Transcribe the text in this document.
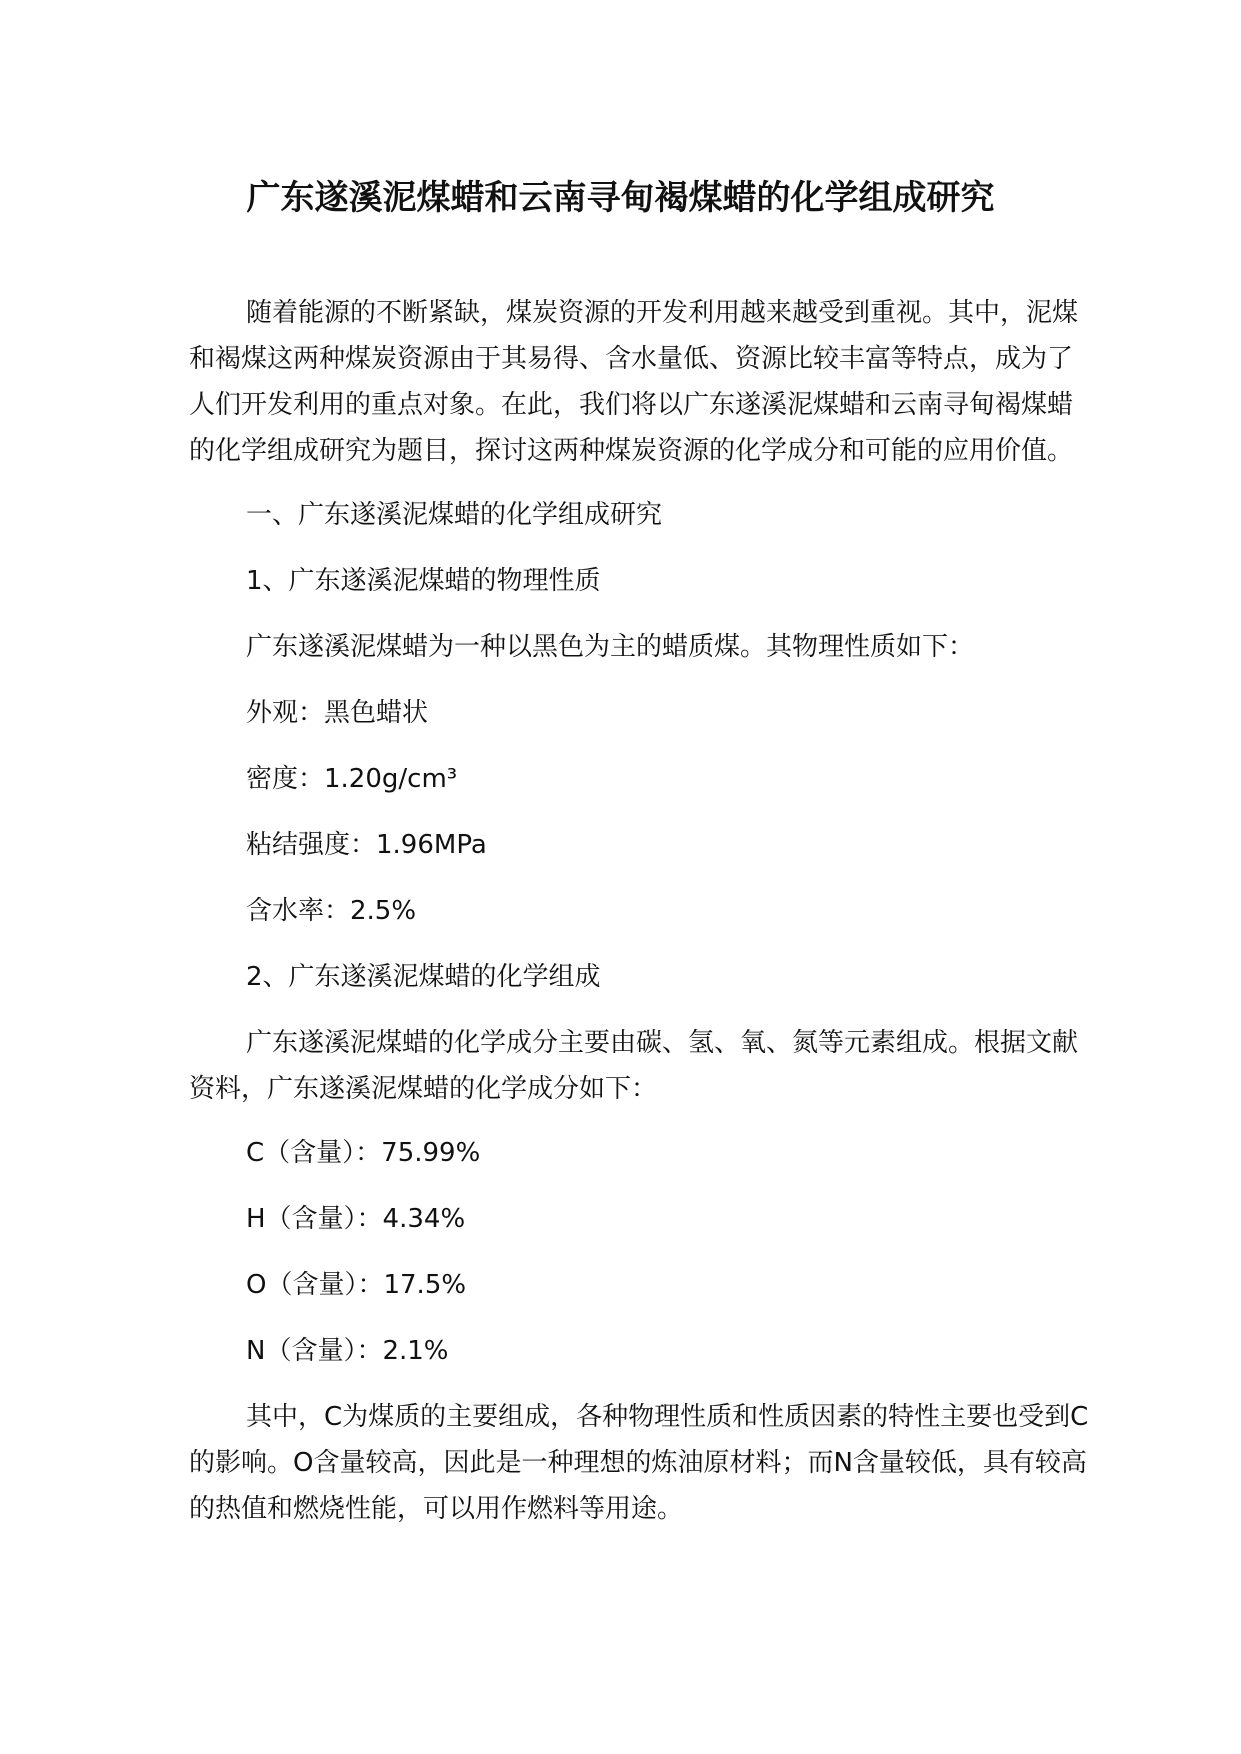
广东遂溪泥煤蜡和云南寻甸褐煤蜡的化学组成研究

随着能源的不断紧缺，煤炭资源的开发利用越来越受到重视。其中，泥煤和褐煤这两种煤炭资源由于其易得、含水量低、资源比较丰富等特点，成为了人们开发利用的重点对象。在此，我们将以广东遂溪泥煤蜡和云南寻甸褐煤蜡的化学组成研究为题目，探讨这两种煤炭资源的化学成分和可能的应用价值。

一、广东遂溪泥煤蜡的化学组成研究
1、广东遂溪泥煤蜡的物理性质
广东遂溪泥煤蜡为一种以黑色为主的蜡质煤。其物理性质如下：
外观：黑色蜡状
密度：1.20g/cm³
粘结强度：1.96MPa
含水率：2.5%
2、广东遂溪泥煤蜡的化学组成

广东遂溪泥煤蜡的化学成分主要由碳、氢、氧、氮等元素组成。根据文献资料，广东遂溪泥煤蜡的化学成分如下：

C（含量）：75.99%
H（含量）：4.34%
O（含量）：17.5%
N（含量）：2.1%

其中，C为煤质的主要组成，各种物理性质和性质因素的特性主要也受到C的影响。O含量较高，因此是一种理想的炼油原材料；而N含量较低，具有较高的热值和燃烧性能，可以用作燃料等用途。
